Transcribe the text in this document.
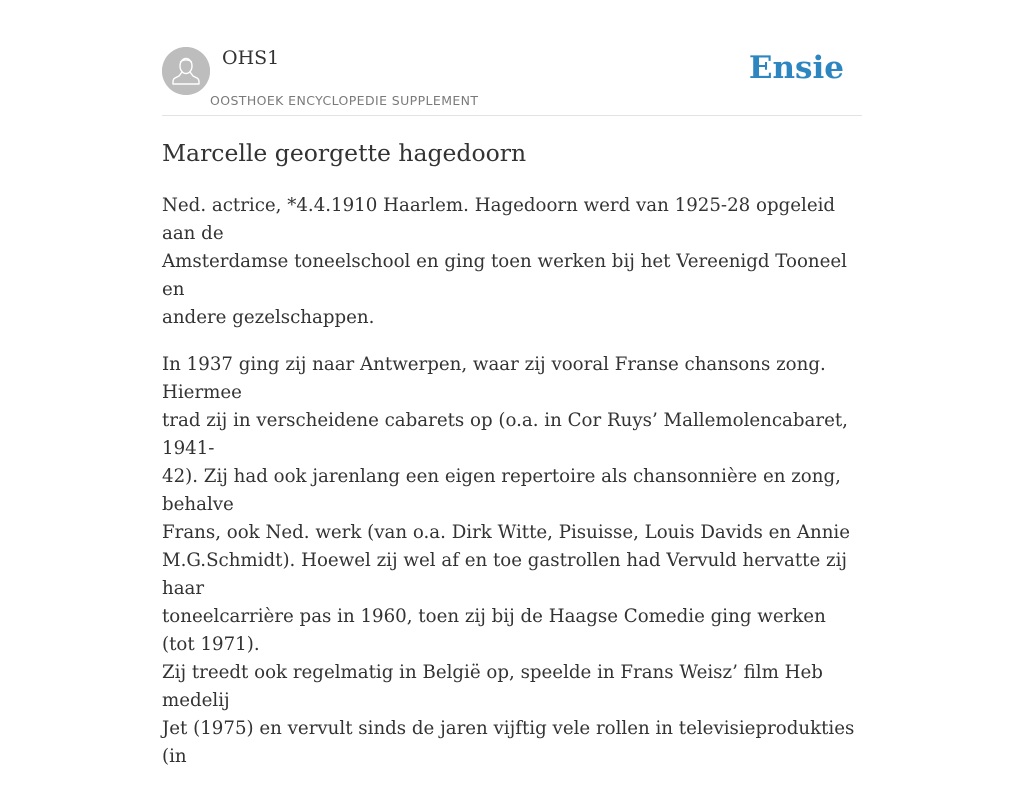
OHS1
OOSTHOEK ENCYCLOPEDIE SUPPLEMENT
Ensie
Marcelle georgette hagedoorn

Ned. actrice, *4.4.1910 Haarlem. Hagedoorn werd van 1925-28 opgeleid aan de
Amsterdamse toneelschool en ging toen werken bij het Vereenigd Tooneel en
andere gezelschappen.

In 1937 ging zij naar Antwerpen, waar zij vooral Franse chansons zong. Hiermee
trad zij in verscheidene cabarets op (o.a. in Cor Ruys’ Mallemolencabaret, 1941-
42). Zij had ook jarenlang een eigen repertoire als chansonnière en zong, behalve
Frans, ook Ned. werk (van o.a. Dirk Witte, Pisuisse, Louis Davids en Annie
M.G.Schmidt). Hoewel zij wel af en toe gastrollen had Vervuld hervatte zij haar
toneelcarrière pas in 1960, toen zij bij de Haagse Comedie ging werken (tot 1971).
Zij treedt ook regelmatig in België op, speelde in Frans Weisz’ film Heb medelij
Jet (1975) en vervult sinds de jaren vijftig vele rollen in televisieprodukties (in
